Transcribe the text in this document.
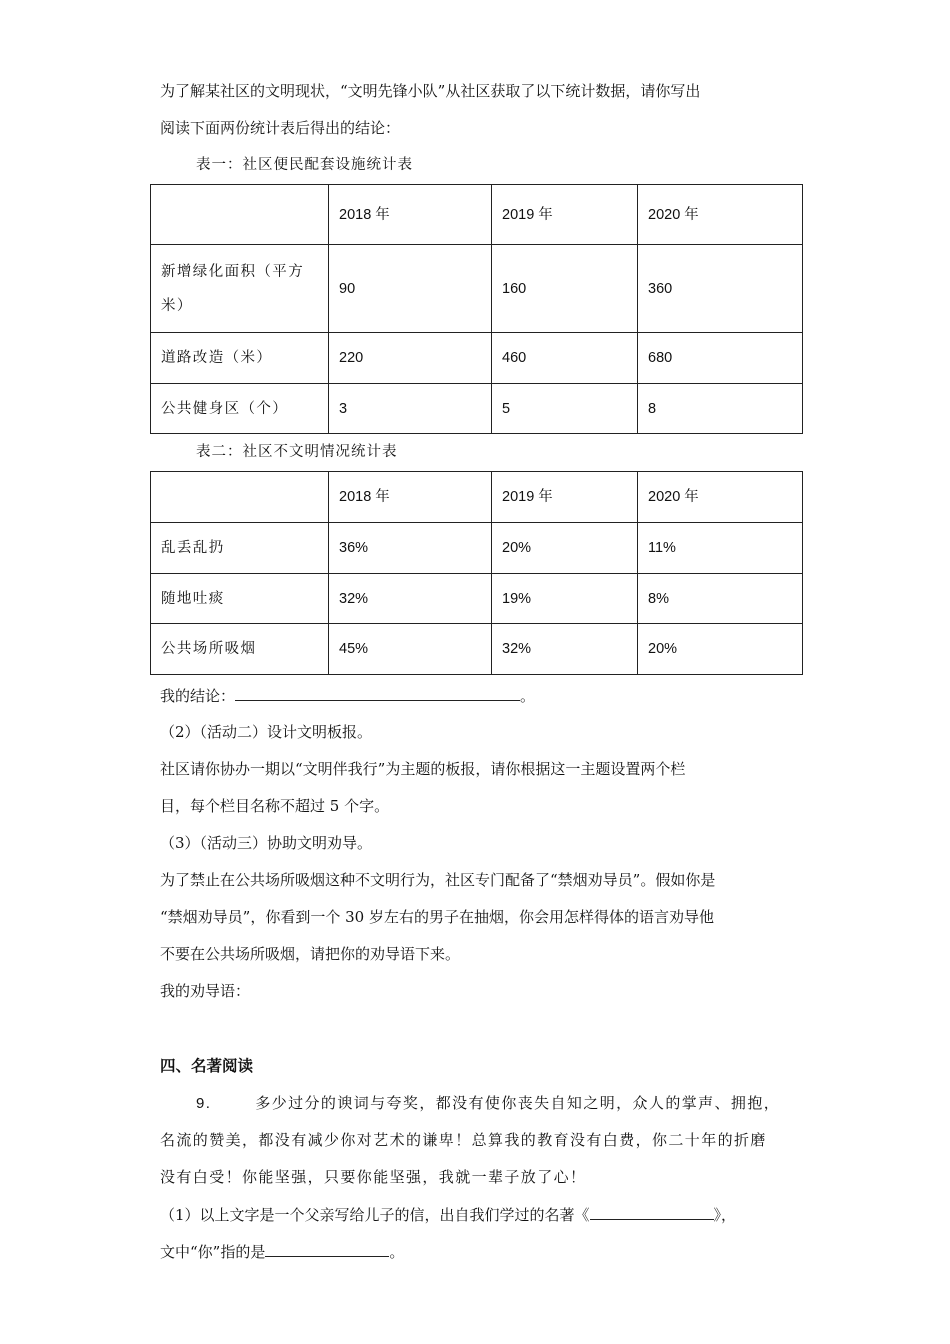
为了解某社区的文明现状，“文明先锋小队”从社区获取了以下统计数据，请你写出
阅读下面两份统计表后得出的结论：
表一：社区便民配套设施统计表
	2018 年	2019 年	2020 年

新增绿化面积（平方
米）	90	160	360
道路改造（米）	220	460	680
公共健身区（个）	3	5	8
表二：社区不文明情况统计表
	2018 年	2019 年	2020 年
乱丢乱扔	36%	20%	11%
随地吐痰	32%	19%	8%
公共场所吸烟	45%	32%	20%
我的结论：	。
（2）（活动二）设计文明板报。
社区请你协办一期以“文明伴我行”为主题的板报，请你根据这一主题设置两个栏
目，每个栏目名称不超过 5 个字。
（3）（活动三）协助文明劝导。
为了禁止在公共场所吸烟这种不文明行为，社区专门配备了“禁烟劝导员”。假如你是
“禁烟劝导员”，你看到一个 30 岁左右的男子在抽烟，你会用怎样得体的语言劝导他
不要在公共场所吸烟，请把你的劝导语下来。
我的劝导语：
四、名著阅读
9.	多少过分的谀词与夸奖，都没有使你丧失自知之明，众人的掌声、拥抱，
名流的赞美，都没有减少你对艺术的谦卑！总算我的教育没有白费，你二十年的折磨
没有白受！你能坚强，只要你能坚强，我就一辈子放了心！
（1）以上文字是一个父亲写给儿子的信，出自我们学过的名著《	》，
文中“你”指的是	。
